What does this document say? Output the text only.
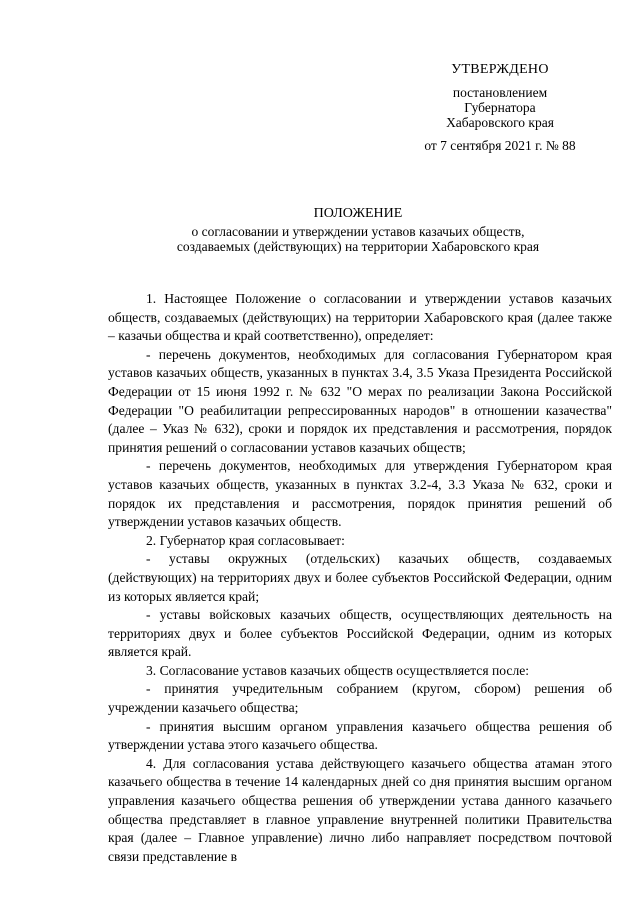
УТВЕРЖДЕНО
постановлением
Губернатора
Хабаровского края
от 7 сентября 2021 г. № 88
ПОЛОЖЕНИЕ
о согласовании и утверждении уставов казачьих обществ,
создаваемых (действующих) на территории Хабаровского края

1. Настоящее Положение о согласовании и утверждении уставов казачьих обществ, создаваемых (действующих) на территории Хабаровского края (далее также – казачьи общества и край соответственно), определяет:

- перечень документов, необходимых для согласования Губернатором края уставов казачьих обществ, указанных в пунктах 3.4, 3.5 Указа Президента Российской Федерации от 15 июня 1992 г. № 632 "О мерах по реализации Закона Российской Федерации "О реабилитации репрессированных народов" в отношении казачества" (далее – Указ № 632), сроки и порядок их представления и рассмотрения, порядок принятия решений о согласовании уставов казачьих обществ;

- перечень документов, необходимых для утверждения Губернатором края уставов казачьих обществ, указанных в пунктах 3.2-4, 3.3 Указа № 632, сроки и порядок их представления и рассмотрения, порядок принятия решений об утверждении уставов казачьих обществ.

2. Губернатор края согласовывает:

- уставы окружных (отдельских) казачьих обществ, создаваемых (действующих) на территориях двух и более субъектов Российской Федерации, одним из которых является край;

- уставы войсковых казачьих обществ, осуществляющих деятельность на территориях двух и более субъектов Российской Федерации, одним из которых является край.

3. Согласование уставов казачьих обществ осуществляется после:

- принятия учредительным собранием (кругом, сбором) решения об учреждении казачьего общества;

- принятия высшим органом управления казачьего общества решения об утверждении устава этого казачьего общества.

4. Для согласования устава действующего казачьего общества атаман этого казачьего общества в течение 14 календарных дней со дня принятия высшим органом управления казачьего общества решения об утверждении устава данного казачьего общества представляет в главное управление внутренней политики Правительства края (далее – Главное управление) лично либо направляет посредством почтовой связи представление в
